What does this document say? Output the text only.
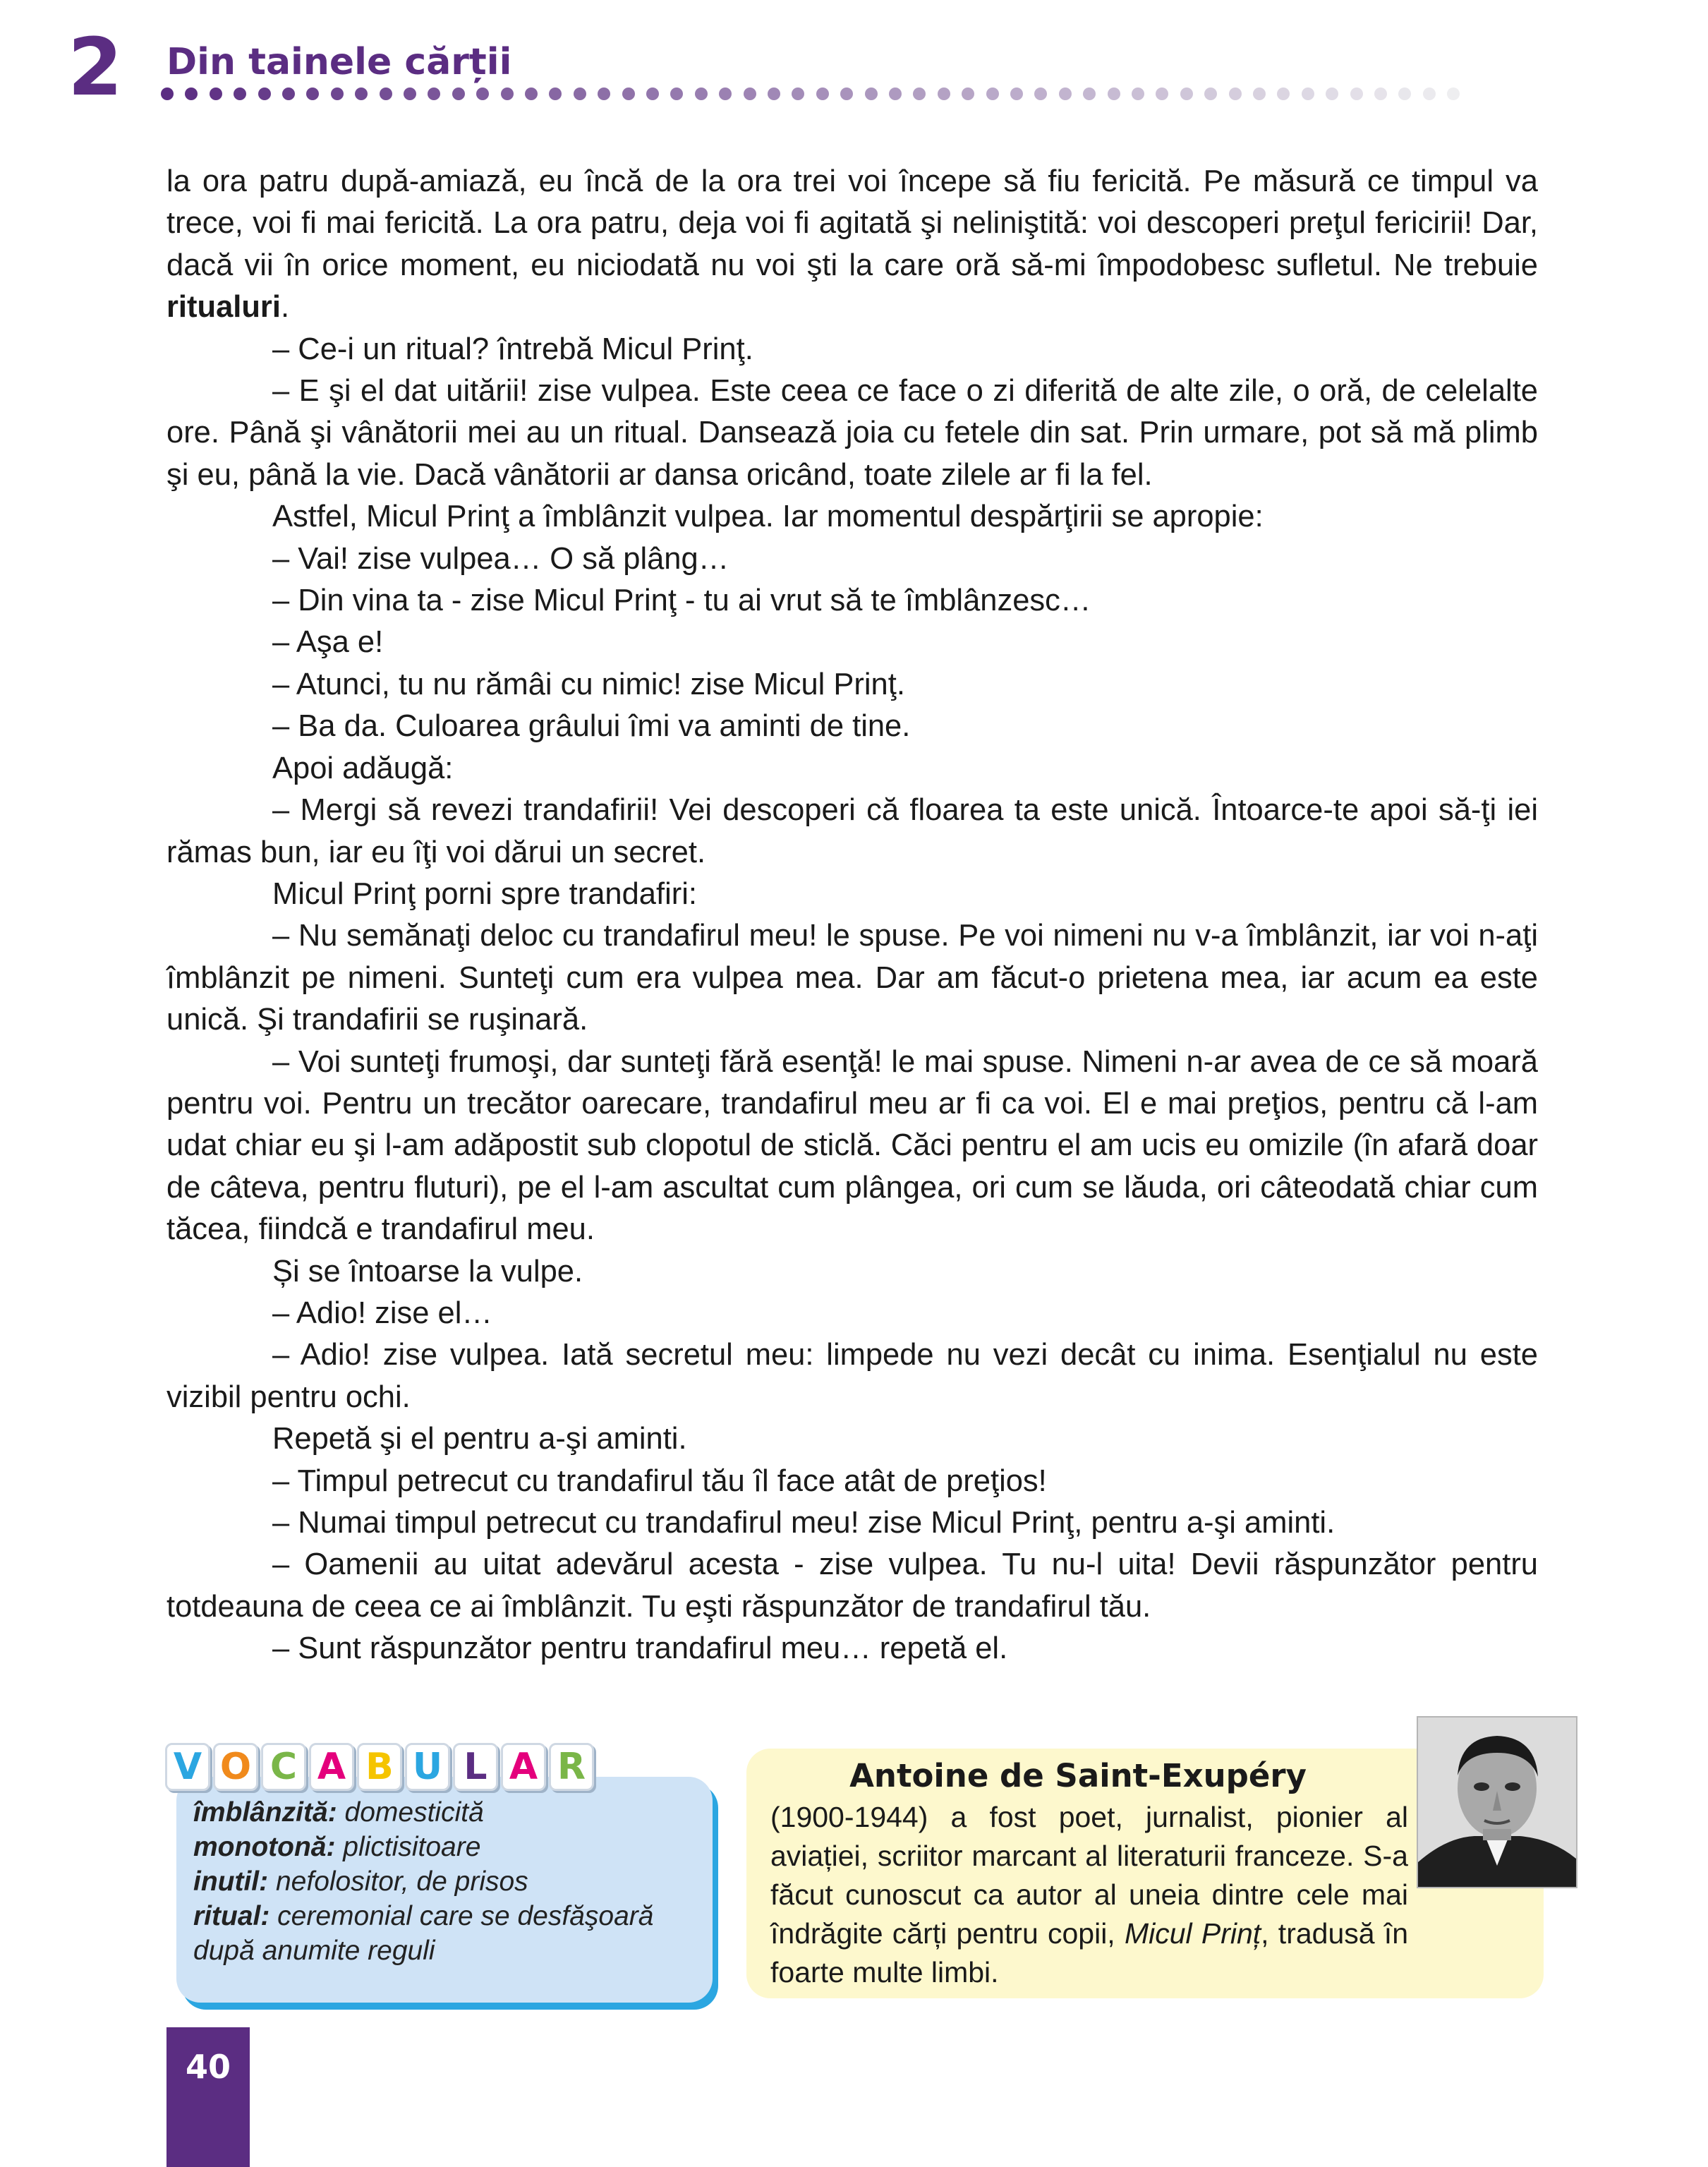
2 Din tainele cărții

la ora patru după-amiază, eu încă de la ora trei voi începe să fiu fericită. Pe măsură ce timpul va trece, voi fi mai fericită. La ora patru, deja voi fi agitată şi neliniştită: voi descoperi preţul fericirii! Dar, dacă vii în orice moment, eu niciodată nu voi şti la care oră să-mi împodobesc sufletul. Ne trebuie ritualuri.

– Ce-i un ritual? întrebă Micul Prinţ.

– E şi el dat uitării! zise vulpea. Este ceea ce face o zi diferită de alte zile, o oră, de celelalte ore. Până şi vânătorii mei au un ritual. Dansează joia cu fetele din sat. Prin urmare, pot să mă plimb şi eu, până la vie. Dacă vânătorii ar dansa oricând, toate zilele ar fi la fel.

Astfel, Micul Prinţ a îmblânzit vulpea. Iar momentul despărţirii se apropie:

– Vai! zise vulpea… O să plâng…

– Din vina ta - zise Micul Prinţ - tu ai vrut să te îmblânzesc…

– Aşa e!

– Atunci, tu nu rămâi cu nimic! zise Micul Prinţ.

– Ba da. Culoarea grâului îmi va aminti de tine.

Apoi adăugă:

– Mergi să revezi trandafirii! Vei descoperi că floarea ta este unică. Întoarce-te apoi să-ţi iei rămas bun, iar eu îţi voi dărui un secret.

Micul Prinţ porni spre trandafiri:

– Nu semănaţi deloc cu trandafirul meu! le spuse. Pe voi nimeni nu v-a îmblânzit, iar voi n-aţi îmblânzit pe nimeni. Sunteţi cum era vulpea mea. Dar am făcut-o prietena mea, iar acum ea este unică. Şi trandafirii se ruşinară.

– Voi sunteţi frumoşi, dar sunteţi fără esenţă! le mai spuse. Nimeni n-ar avea de ce să moară pentru voi. Pentru un trecător oarecare, trandafirul meu ar fi ca voi. El e mai preţios, pentru că l-am udat chiar eu şi l-am adăpostit sub clopotul de sticlă. Căci pentru el am ucis eu omizile (în afară doar de câteva, pentru fluturi), pe el l-am ascultat cum plângea, ori cum se lăuda, ori câteodată chiar cum tăcea, fiindcă e trandafirul meu.

Și se întoarse la vulpe.

– Adio! zise el…

– Adio! zise vulpea. Iată secretul meu: limpede nu vezi decât cu inima. Esenţialul nu este vizibil pentru ochi.

Repetă şi el pentru a-şi aminti.

– Timpul petrecut cu trandafirul tău îl face atât de preţios!

– Numai timpul petrecut cu trandafirul meu! zise Micul Prinţ, pentru a-şi aminti.

– Oamenii au uitat adevărul acesta - zise vulpea. Tu nu-l uita! Devii răspunzător pentru totdeauna de ceea ce ai îmblânzit. Tu eşti răspunzător de trandafirul tău.

– Sunt răspunzător pentru trandafirul meu… repetă el.

V O C A B U L A R
îmblânzită: domesticită
monotonă: plictisitoare
inutil: nefolositor, de prisos
ritual: ceremonial care se desfăşoară după anumite reguli
Antoine de Saint-Exupéry

(1900-1944) a fost poet, jurnalist, pionier al aviației, scriitor marcant al literaturii franceze. S-a făcut cunoscut ca autor al uneia dintre cele mai îndrăgite cărți pentru copii, Micul Prinț, tradusă în foarte multe limbi.

40
